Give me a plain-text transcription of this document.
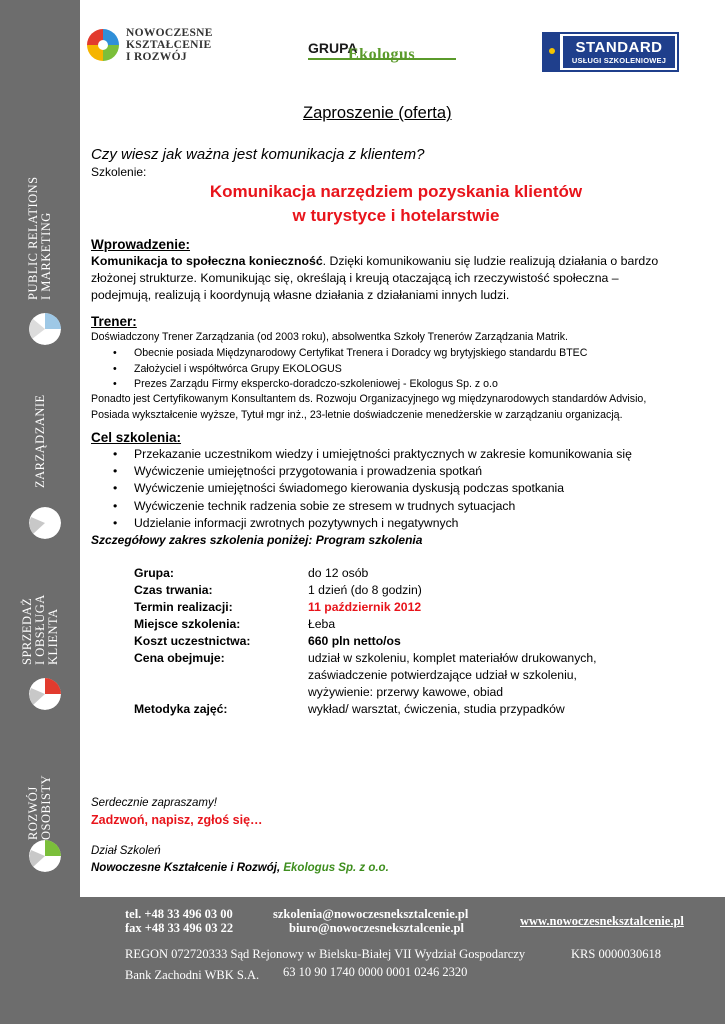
PUBLIC RELATIONS
I MARKETING
ZARZĄDZANIE
SPRZEDAŻ
I OBSŁUGA
KLIENTA
ROZWÓJ
OSOBISTY
NOWOCZESNE
KSZTAŁCENIE
I ROZWÓJ
GRUPA
Ekologus	STANDARD
USŁUGI SZKOLENIOWEJ
Zaproszenie (oferta)
Czy wiesz jak ważna jest komunikacja z klientem?
Szkolenie:
Komunikacja narzędziem pozyskania klientów
w turystyce i hotelarstwie
Wprowadzenie:
Komunikacja to społeczna konieczność. Dzięki komunikowaniu się ludzie realizują działania o bardzo
złożonej strukturze. Komunikując się, określają i kreują otaczającą ich rzeczywistość społeczna –
podejmują, realizują i koordynują własne działania z działaniami innych ludzi.
Trener:
Doświadczony Trener Zarządzania (od 2003 roku), absolwentka Szkoły Trenerów Zarządzania Matrik.
• Obecnie posiada Międzynarodowy Certyfikat Trenera i Doradcy wg brytyjskiego standardu BTEC
• Założyciel i współtwórca Grupy EKOLOGUS
• Prezes Zarządu Firmy ekspercko-doradczo-szkoleniowej - Ekologus Sp. z o.o
Ponadto jest Certyfikowanym Konsultantem ds. Rozwoju Organizacyjnego wg międzynarodowych standardów Advisio,
Posiada wykształcenie wyższe, Tytuł mgr inż., 23-letnie doświadczenie menedżerskie w zarządzaniu organizacją.
Cel szkolenia:
• Przekazanie uczestnikom wiedzy i umiejętności praktycznych w zakresie komunikowania się
• Wyćwiczenie umiejętności przygotowania i prowadzenia spotkań
• Wyćwiczenie umiejętności świadomego kierowania dyskusją podczas spotkania
• Wyćwiczenie technik radzenia sobie ze stresem w trudnych sytuacjach
• Udzielanie informacji zwrotnych pozytywnych i negatywnych
Szczegółowy zakres szkolenia poniżej: Program szkolenia
Grupa:	do 12 osób
Czas trwania:	1 dzień (do 8 godzin)
Termin realizacji:	11 październik 2012
Miejsce szkolenia:	Łeba
Koszt uczestnictwa:	660 pln netto/os
Cena obejmuje:	udział w szkoleniu, komplet materiałów drukowanych,
zaświadczenie potwierdzające udział w szkoleniu,
wyżywienie: przerwy kawowe, obiad
Metodyka zajęć:	wykład/ warsztat, ćwiczenia, studia przypadków
Serdecznie zapraszamy!
Zadzwoń, napisz, zgłoś się…
Dział Szkoleń
Nowoczesne Kształcenie i Rozwój, Ekologus Sp. z o.o.
tel. +48 33 496 03 00
fax +48 33 496 03 22
szkolenia@nowoczesneksztalcenie.pl
biuro@nowoczesneksztalcenie.pl	www.nowoczesneksztalcenie.pl
REGON 072720333 Sąd Rejonowy w Bielsku-Białej VII Wydział Gospodarczy	KRS 0000030618
Bank Zachodni WBK S.A. 63 10 90 1740 0000 0001 0246 2320
